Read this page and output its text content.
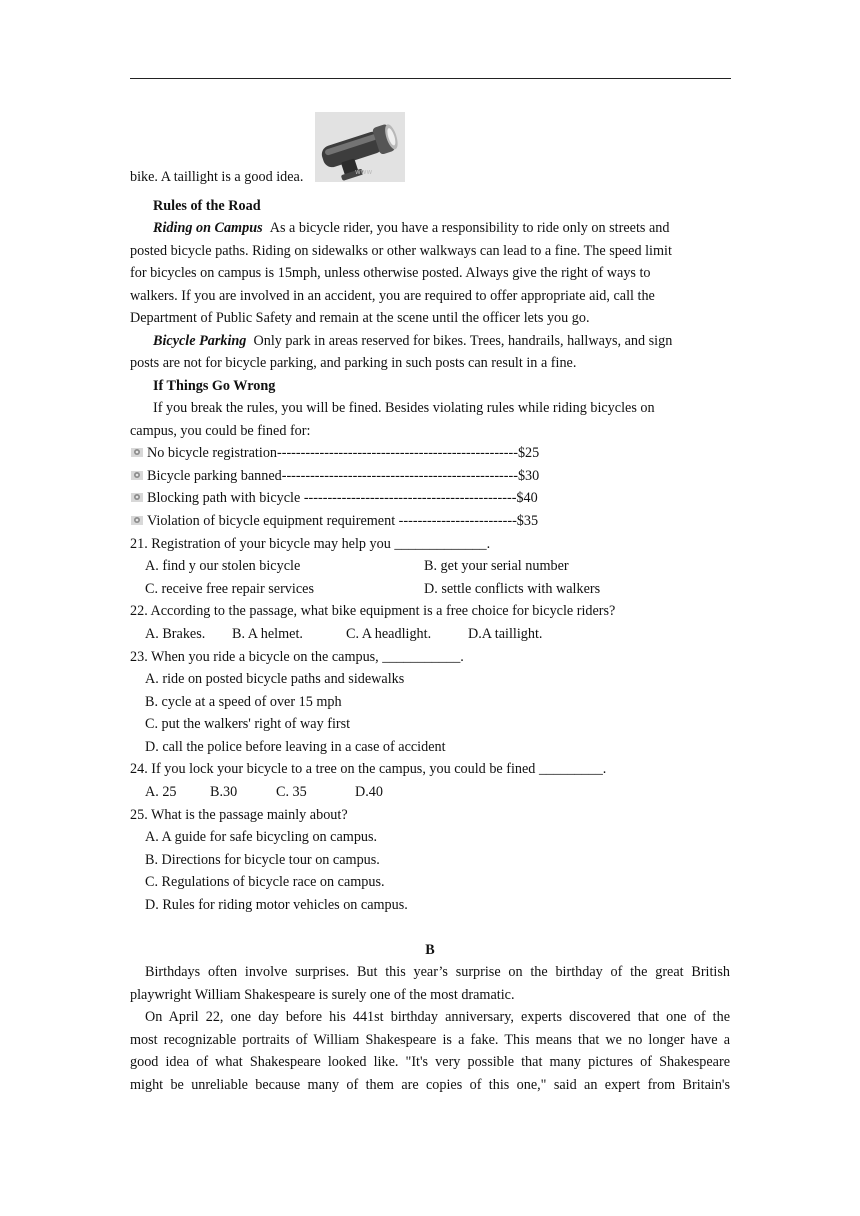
www
bike. A taillight is a good idea.
Rules of the Road
Riding on Campus As a bicycle rider, you have a responsibility to ride only on streets and
posted bicycle paths. Riding on sidewalks or other walkways can lead to a fine. The speed limit
for bicycles on campus is 15mph, unless otherwise posted. Always give the right of ways to
walkers. If you are involved in an accident, you are required to offer appropriate aid, call the
Department of Public Safety and remain at the scene until the officer lets you go.
Bicycle Parking Only park in areas reserved for bikes. Trees, handrails, hallways, and sign
posts are not for bicycle parking, and parking in such posts can result in a fine.
If Things Go Wrong
If you break the rules, you will be fined. Besides violating rules while riding bicycles on
campus, you could be fined for:
No bicycle registration---------------------------------------------------$25
Bicycle parking banned--------------------------------------------------$30
Blocking path with bicycle ---------------------------------------------$40
Violation of bicycle equipment requirement -------------------------$35
21. Registration of your bicycle may help you _____________.
A. find y our stolen bicycle	B. get your serial number
C. receive free repair services	D. settle conflicts with walkers
22. According to the passage, what bike equipment is a free choice for bicycle riders?
A. Brakes. B. A helmet.	C. A headlight.	D.A taillight.
23. When you ride a bicycle on the campus, ___________.
A. ride on posted bicycle paths and sidewalks
B. cycle at a speed of over 15 mph
C. put the walkers' right of way first
D. call the police before leaving in a case of accident
24. If you lock your bicycle to a tree on the campus, you could be fined _________.
A. 25 B.30	C. 35	D.40
25. What is the passage mainly about?
A. A guide for safe bicycling on campus.
B. Directions for bicycle tour on campus.
C. Regulations of bicycle race on campus.
D. Rules for riding motor vehicles on campus.
B
Birthdays often involve surprises. But this year’s surprise on the birthday of the great British
playwright William Shakespeare is surely one of the most dramatic.
On April 22, one day before his 441st birthday anniversary, experts discovered that one of the
most recognizable portraits of William Shakespeare is a fake. This means that we no longer have a
good idea of what Shakespeare looked like. "It's very possible that many pictures of Shakespeare
might be unreliable because many of them are copies of this one," said an expert from Britain's
